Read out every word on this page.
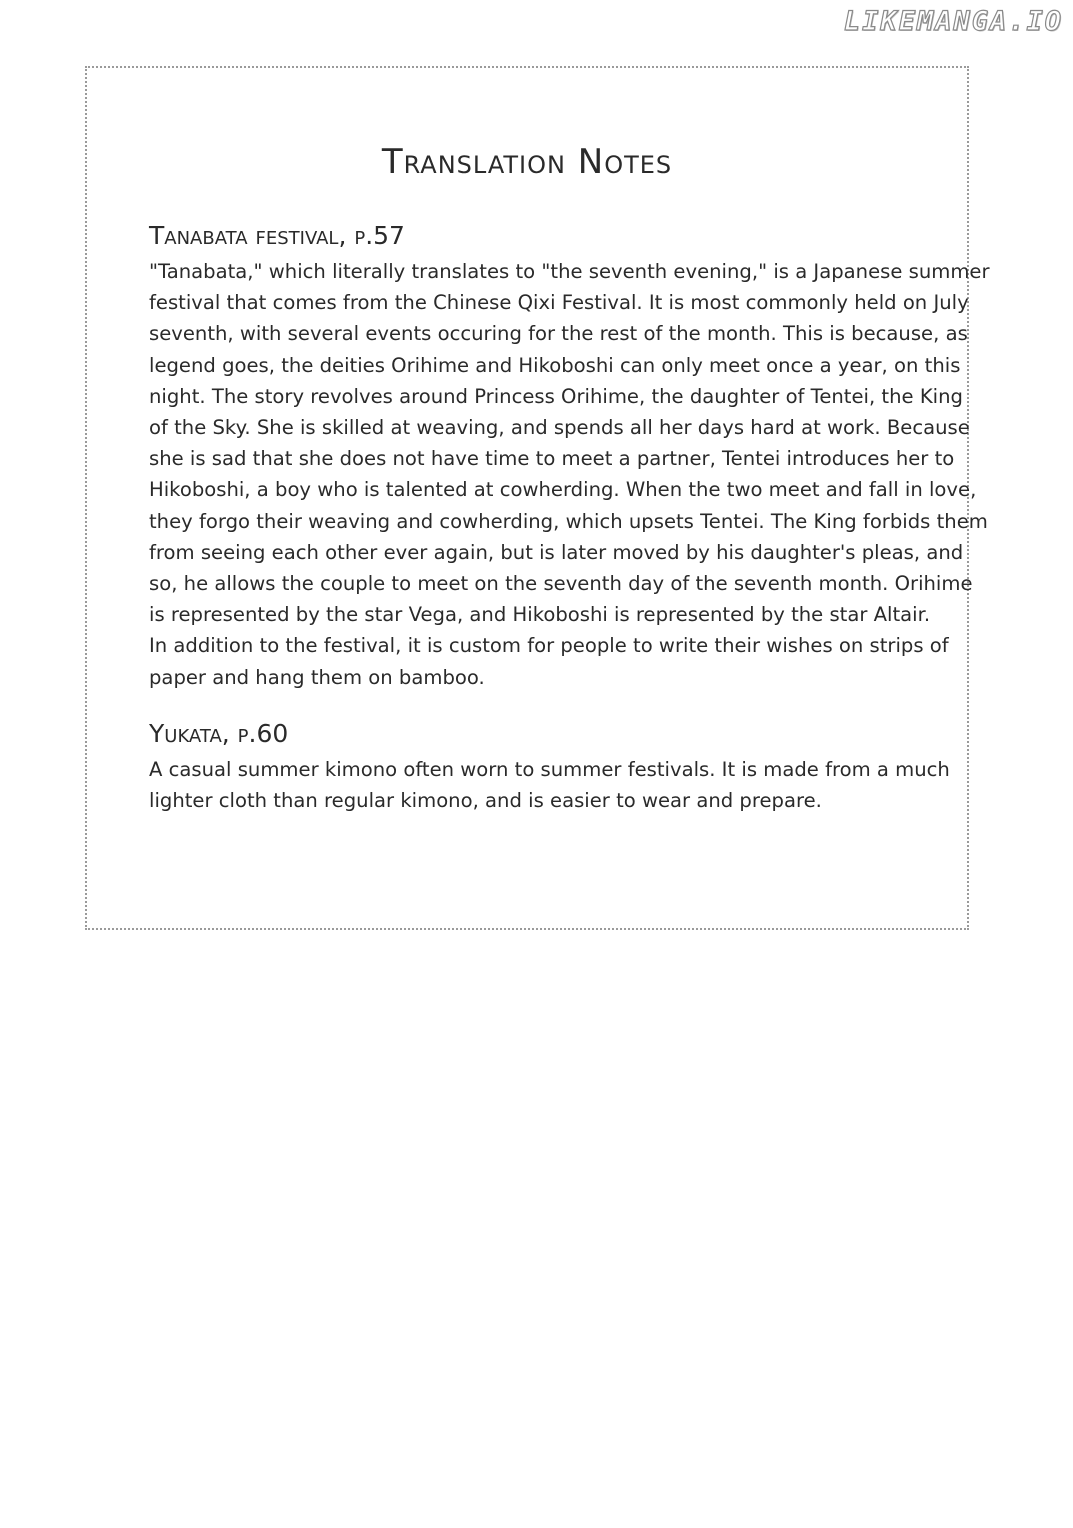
LIKEMANGA.IO
Translation Notes
Tanabata festival, p.57

"Tanabata," which literally translates to "the seventh evening," is a Japanese summer
festival that comes from the Chinese Qixi Festival. It is most commonly held on July
seventh, with several events occuring for the rest of the month. This is because, as
legend goes, the deities Orihime and Hikoboshi can only meet once a year, on this
night. The story revolves around Princess Orihime, the daughter of Tentei, the King
of the Sky. She is skilled at weaving, and spends all her days hard at work. Because
she is sad that she does not have time to meet a partner, Tentei introduces her to
Hikoboshi, a boy who is talented at cowherding. When the two meet and fall in love,
they forgo their weaving and cowherding, which upsets Tentei. The King forbids them
from seeing each other ever again, but is later moved by his daughter's pleas, and
so, he allows the couple to meet on the seventh day of the seventh month. Orihime
is represented by the star Vega, and Hikoboshi is represented by the star Altair.
In addition to the festival, it is custom for people to write their wishes on strips of
paper and hang them on bamboo.

Yukata, p.60

A casual summer kimono often worn to summer festivals. It is made from a much
lighter cloth than regular kimono, and is easier to wear and prepare.
